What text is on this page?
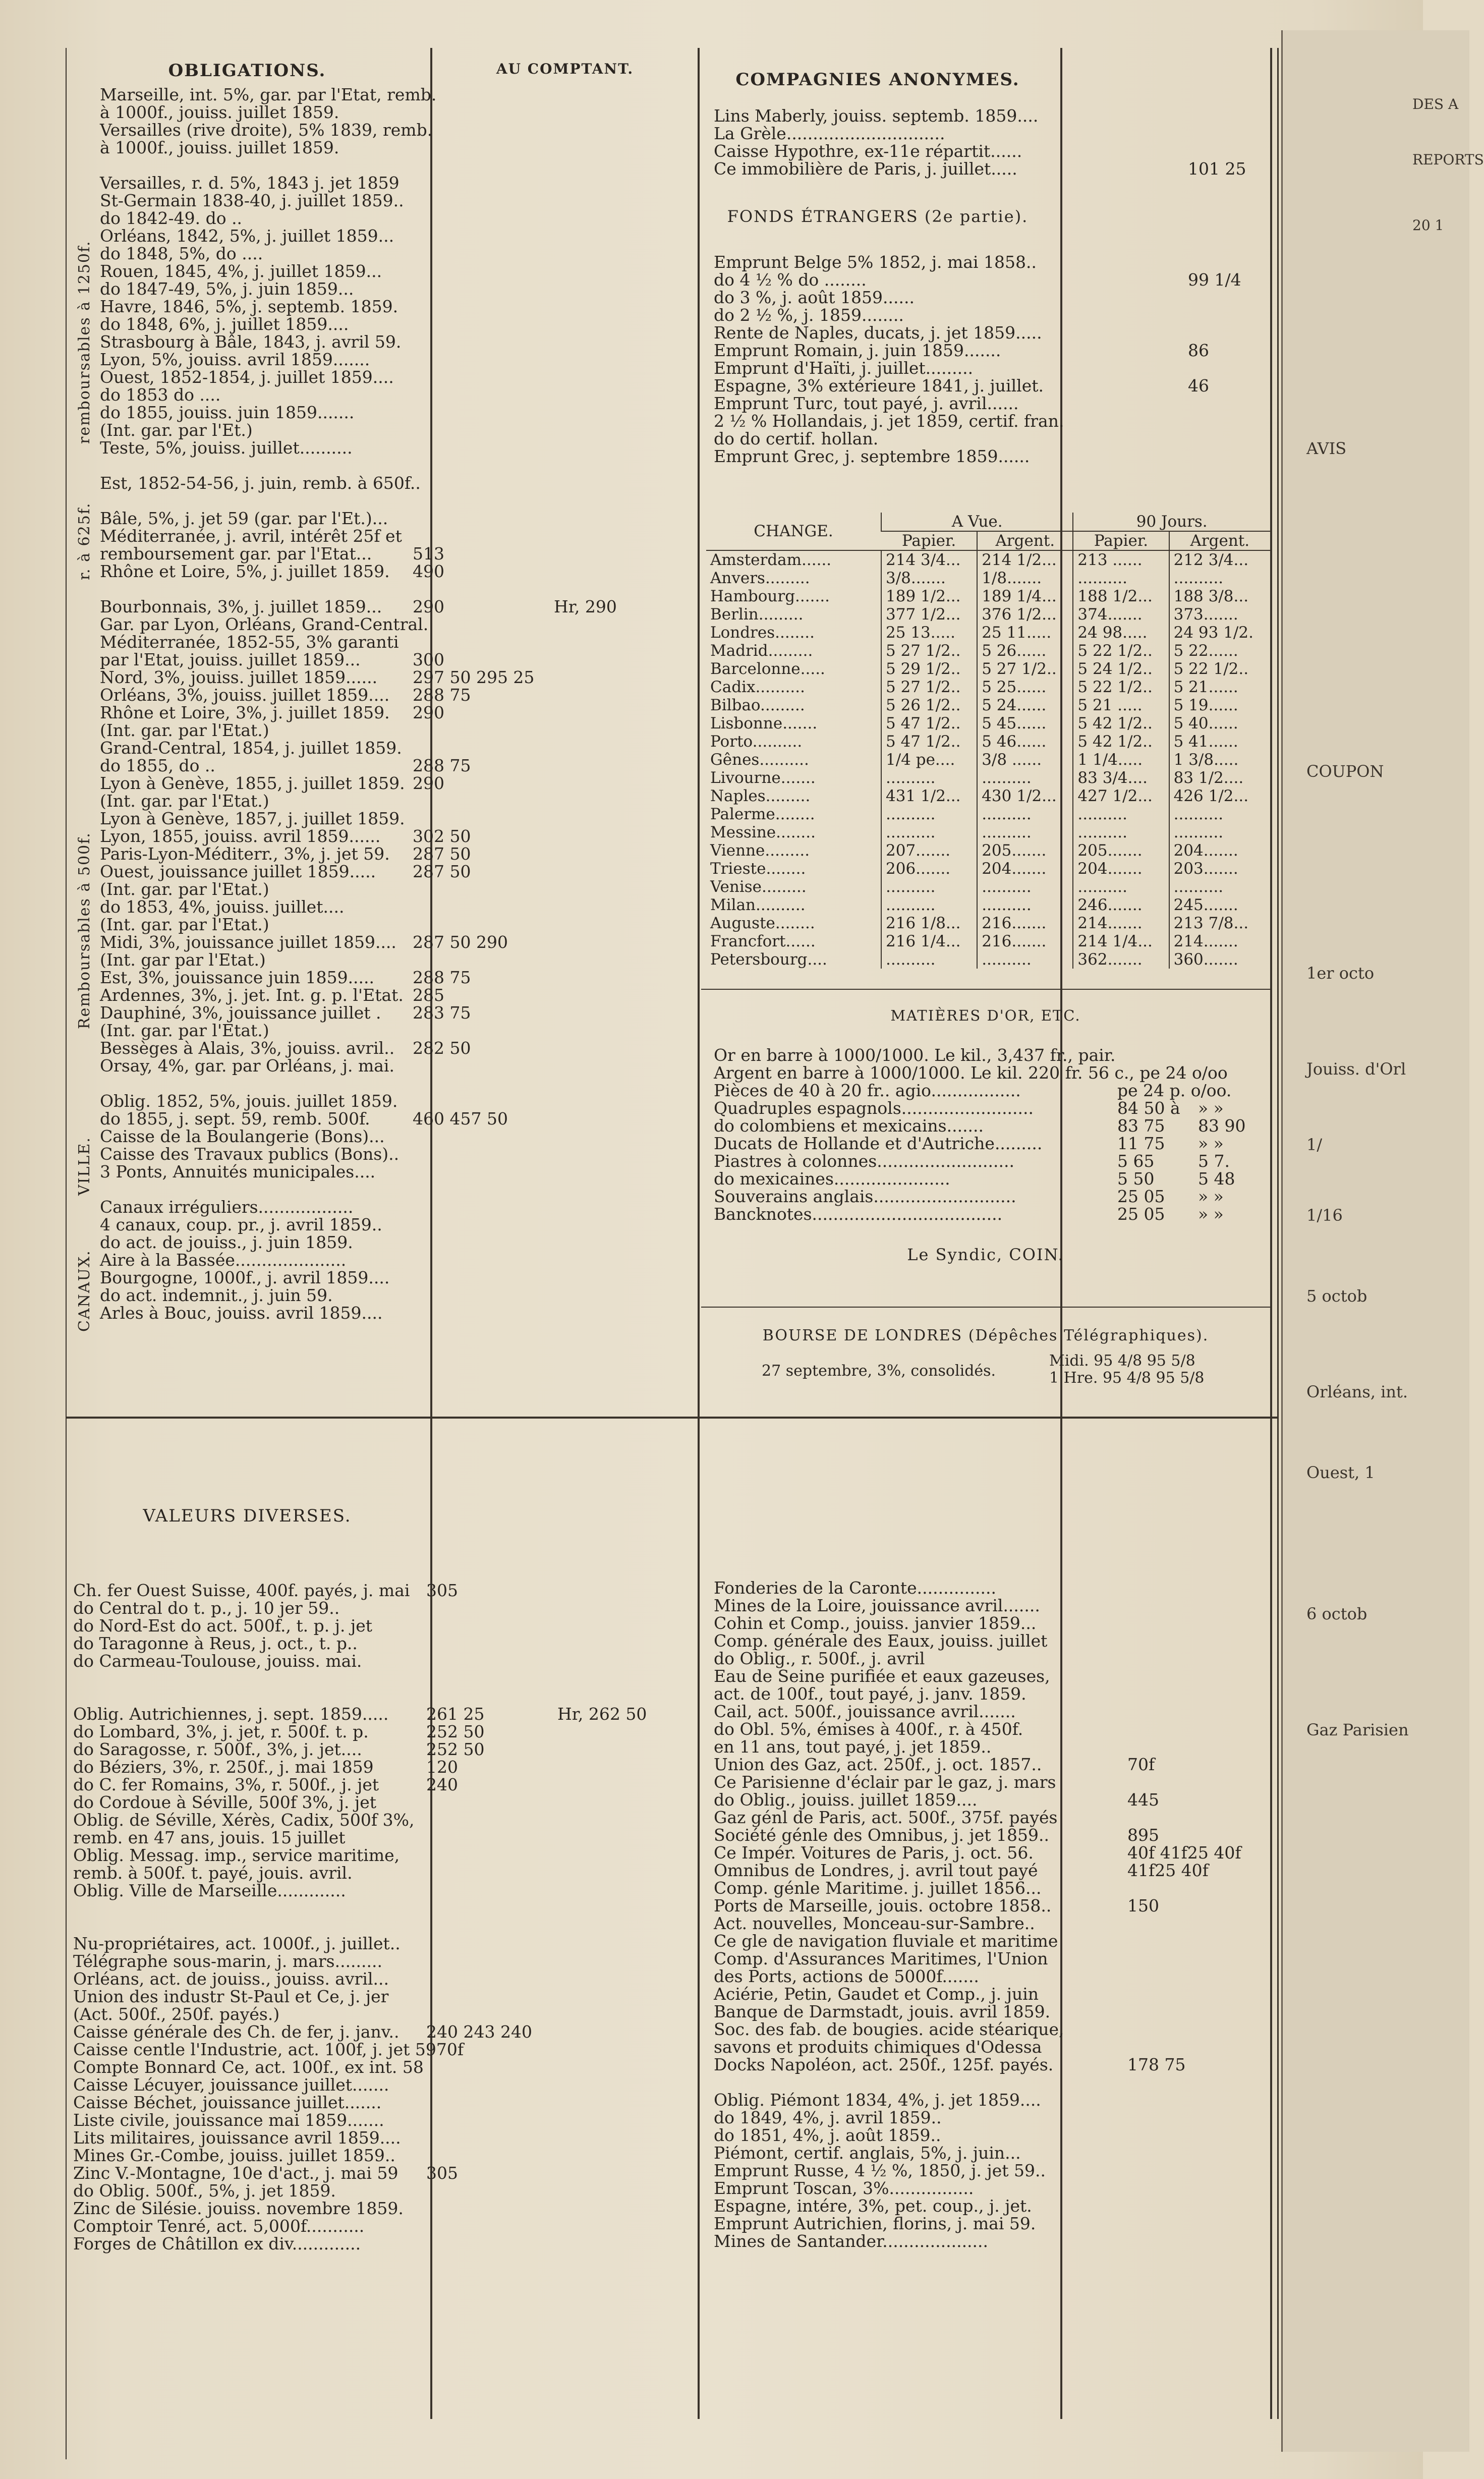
OBLIGATIONS.	AU COMPTANT.
COMPAGNIES ANONYMES.
remboursables à 1250f.
r. à 625f.
Remboursables à 500f.
VILLE.
CANAUX.
Marseille, int. 5%, gar. par l'Etat, remb.
à 1000f., jouiss. juillet 1859.
Versailles (rive droite), 5% 1839, remb.
à 1000f., jouiss. juillet 1859.
Versailles, r. d. 5%, 1843 j. jet 1859
St-Germain 1838-40, j. juillet 1859..
do 1842-49. do ..
Orléans, 1842, 5%, j. juillet 1859...
do 1848, 5%, do ....
Rouen, 1845, 4%, j. juillet 1859...
do 1847-49, 5%, j. juin 1859...
Havre, 1846, 5%, j. septemb. 1859.
do 1848, 6%, j. juillet 1859....
Strasbourg à Bâle, 1843, j. avril 59.
Lyon, 5%, jouiss. avril 1859.......
Ouest, 1852-1854, j. juillet 1859....
do 1853 do ....
do 1855, jouiss. juin 1859.......
(Int. gar. par l'Et.)
Teste, 5%, jouiss. juillet..........
Est, 1852-54-56, j. juin, remb. à 650f..
Bâle, 5%, j. jet 59 (gar. par l'Et.)...
Méditerranée, j. avril, intérêt 25f et
remboursement gar. par l'Etat...	513
Rhône et Loire, 5%, j. juillet 1859.	490
Bourbonnais, 3%, j. juillet 1859...	290	Hr, 290
Gar. par Lyon, Orléans, Grand-Central.
Méditerranée, 1852-55, 3% garanti
par l'Etat, jouiss. juillet 1859...	300
Nord, 3%, jouiss. juillet 1859......	297 50 295 25
Orléans, 3%, jouiss. juillet 1859....	288 75
Rhône et Loire, 3%, j. juillet 1859.	290
(Int. gar. par l'Etat.)
Grand-Central, 1854, j. juillet 1859.
do 1855, do ..	288 75
Lyon à Genève, 1855, j. juillet 1859. 290
(Int. gar. par l'Etat.)
Lyon à Genève, 1857, j. juillet 1859.
Lyon, 1855, jouiss. avril 1859......	302 50
Paris-Lyon-Méditerr., 3%, j. jet 59.	287 50
Ouest, jouissance juillet 1859.....	287 50
(Int. gar. par l'Etat.)
do 1853, 4%, jouiss. juillet....
(Int. gar. par l'Etat.)
Midi, 3%, jouissance juillet 1859.... 287 50 290
(Int. gar par l'Etat.)
Est, 3%, jouissance juin 1859.....	288 75
Ardennes, 3%, j. jet. Int. g. p. l'Etat. 285
Dauphiné, 3%, jouissance juillet .	283 75
(Int. gar. par l'Etat.)
Bessèges à Alais, 3%, jouiss. avril..	282 50
Orsay, 4%, gar. par Orléans, j. mai.
Oblig. 1852, 5%, jouis. juillet 1859.
do 1855, j. sept. 59, remb. 500f.	460 457 50
Caisse de la Boulangerie (Bons)...
Caisse des Travaux publics (Bons)..
3 Ponts, Annuités municipales....
Canaux irréguliers..................
4 canaux, coup. pr., j. avril 1859..
do act. de jouiss., j. juin 1859.
Aire à la Bassée.....................
Bourgogne, 1000f., j. avril 1859....
do act. indemnit., j. juin 59.
Arles à Bouc, jouiss. avril 1859....
Lins Maberly, jouiss. septemb. 1859....
La Grèle..............................
Caisse Hypothre, ex-11e répartit......
Ce immobilière de Paris, j. juillet.....	101 25
FONDS ÉTRANGERS (2e partie).
Emprunt Belge 5% 1852, j. mai 1858..
do 4 ½ % do ........	99 1/4
do 3 %, j. août 1859......
do 2 ½ %, j. 1859........
Rente de Naples, ducats, j. jet 1859.....
Emprunt Romain, j. juin 1859.......	86
Emprunt d'Haïti, j. juillet.........
Espagne, 3% extérieure 1841, j. juillet.	46
Emprunt Turc, tout payé, j. avril......
2 ½ % Hollandais, j. jet 1859, certif. fran.
do do certif. hollan.
Emprunt Grec, j. septembre 1859......
CHANGE.	A Vue.		90 Jours.	
	Papier.	Argent.	Papier.	Argent.
Amsterdam......	214 3/4...	214 1/2...	213 ......	212 3/4...
Anvers.........	3/8.......	1/8.......	..........	..........
Hambourg.......	189 1/2...	189 1/4...	188 1/2...	188 3/8...
Berlin.........	377 1/2...	376 1/2...	374.......	373.......
Londres........	25 13.....	25 11.....	24 98.....	24 93 1/2.
Madrid.........	5 27 1/2..	5 26......	5 22 1/2..	5 22......
Barcelonne.....	5 29 1/2..	5 27 1/2..	5 24 1/2..	5 22 1/2..
Cadix..........	5 27 1/2..	5 25......	5 22 1/2..	5 21......
Bilbao.........	5 26 1/2..	5 24......	5 21 .....	5 19......
Lisbonne.......	5 47 1/2..	5 45......	5 42 1/2..	5 40......
Porto..........	5 47 1/2..	5 46......	5 42 1/2..	5 41......
Gênes..........	1/4 pe....	3/8 ......	1 1/4.....	1 3/8.....
Livourne.......	..........	..........	83 3/4....	83 1/2....
Naples.........	431 1/2...	430 1/2...	427 1/2...	426 1/2...
Palerme........	..........	..........	..........	..........
Messine........	..........	..........	..........	..........
Vienne.........	207.......	205.......	205.......	204.......
Trieste........	206.......	204.......	204.......	203.......
Venise.........	..........	..........	..........	..........
Milan..........	..........	..........	246.......	245.......
Auguste........	216 1/8...	216.......	214.......	213 7/8...
Francfort......	216 1/4...	216.......	214 1/4...	214.......
Petersbourg....	..........	..........	362.......	360.......
MATIÈRES D'OR, ETC.
Or en barre à 1000/1000. Le kil., 3,437 fr., pair.
Argent en barre à 1000/1000. Le kil. 220 fr. 56 c., pe 24 o/oo
Pièces de 40 à 20 fr.. agio.................	pe 24 p. o/oo.
Quadruples espagnols.........................	84 50 à	» »
do colombiens et mexicains.......	83 75	83 90
Ducats de Hollande et d'Autriche.........	11 75	» »
Piastres à colonnes..........................	5 65	5 7.
do mexicaines......................	5 50	5 48
Souverains anglais...........................	25 05	» »
Bancknotes....................................	25 05	» »
Le Syndic, COIN.
BOURSE DE LONDRES (Dépêches Télégraphiques).
27 septembre, 3%, consolidés.
Midi. 95 4/8 95 5/8
1 Hre. 95 4/8 95 5/8
VALEURS DIVERSES.
Ch. fer Ouest Suisse, 400f. payés, j. mai 305
do Central do t. p., j. 10 jer 59..
do Nord-Est do act. 500f., t. p. j. jet
do Taragonne à Reus, j. oct., t. p..
do Carmeau-Toulouse, jouiss. mai.
Oblig. Autrichiennes, j. sept. 1859.....	261 25	Hr, 262 50
do Lombard, 3%, j. jet, r. 500f. t. p.	252 50
do Saragosse, r. 500f., 3%, j. jet....	252 50
do Béziers, 3%, r. 250f., j. mai 1859	120
do C. fer Romains, 3%, r. 500f., j. jet	240
do Cordoue à Séville, 500f 3%, j. jet
Oblig. de Séville, Xérès, Cadix, 500f 3%,
remb. en 47 ans, jouis. 15 juillet
Oblig. Messag. imp., service maritime,
remb. à 500f. t. payé, jouis. avril.
Oblig. Ville de Marseille.............
Nu-propriétaires, act. 1000f., j. juillet..
Télégraphe sous-marin, j. mars.........
Orléans, act. de jouiss., jouiss. avril...
Union des industr St-Paul et Ce, j. jer
(Act. 500f., 250f. payés.)
Caisse générale des Ch. de fer, j. janv..	240 243 240
Caisse centle l'Industrie, act. 100f, j. jet 59 70f
Compte Bonnard Ce, act. 100f., ex int. 58
Caisse Lécuyer, jouissance juillet.......
Caisse Béchet, jouissance juillet.......
Liste civile, jouissance mai 1859.......
Lits militaires, jouissance avril 1859....
Mines Gr.-Combe, jouiss. juillet 1859..
Zinc V.-Montagne, 10e d'act., j. mai 59	305
do Oblig. 500f., 5%, j. jet 1859.
Zinc de Silésie. jouiss. novembre 1859.
Comptoir Tenré, act. 5,000f...........
Forges de Châtillon ex div.............
Fonderies de la Caronte...............
Mines de la Loire, jouissance avril.......
Cohin et Comp., jouiss. janvier 1859...
Comp. générale des Eaux, jouiss. juillet
do Oblig., r. 500f., j. avril
Eau de Seine purifiée et eaux gazeuses,
act. de 100f., tout payé, j. janv. 1859.
Cail, act. 500f., jouissance avril.......
do Obl. 5%, émises à 400f., r. à 450f.
en 11 ans, tout payé, j. jet 1859..
Union des Gaz, act. 250f., j. oct. 1857..	70f
Ce Parisienne d'éclair par le gaz, j. mars
do Oblig., jouiss. juillet 1859....	445
Gaz génl de Paris, act. 500f., 375f. payés
Société génle des Omnibus, j. jet 1859..	895
Ce Impér. Voitures de Paris, j. oct. 56.	40f 41f25 40f
Omnibus de Londres, j. avril tout payé	41f25 40f
Comp. génle Maritime. j. juillet 1856...
Ports de Marseille, jouis. octobre 1858..	150
Act. nouvelles, Monceau-sur-Sambre..
Ce gle de navigation fluviale et maritime
Comp. d'Assurances Maritimes, l'Union
des Ports, actions de 5000f.......
Aciérie, Petin, Gaudet et Comp., j. juin
Banque de Darmstadt, jouis. avril 1859.
Soc. des fab. de bougies. acide stéarique,
savons et produits chimiques d'Odessa
Docks Napoléon, act. 250f., 125f. payés.	178 75
Oblig. Piémont 1834, 4%, j. jet 1859....
do 1849, 4%, j. avril 1859..
do 1851, 4%, j. août 1859..
Piémont, certif. anglais, 5%, j. juin...
Emprunt Russe, 4 ½ %, 1850, j. jet 59..
Emprunt Toscan, 3%................
Espagne, intére, 3%, pet. coup., j. jet.
Emprunt Autrichien, florins, j. mai 59.
Mines de Santander....................
DES A
REPORTS
20 1
AVIS
COUPON
1er octo
Jouiss. d'Orl
1/
1/16
5 octob
Orléans, int.
Ouest, 1
6 octob
Gaz Parisien
